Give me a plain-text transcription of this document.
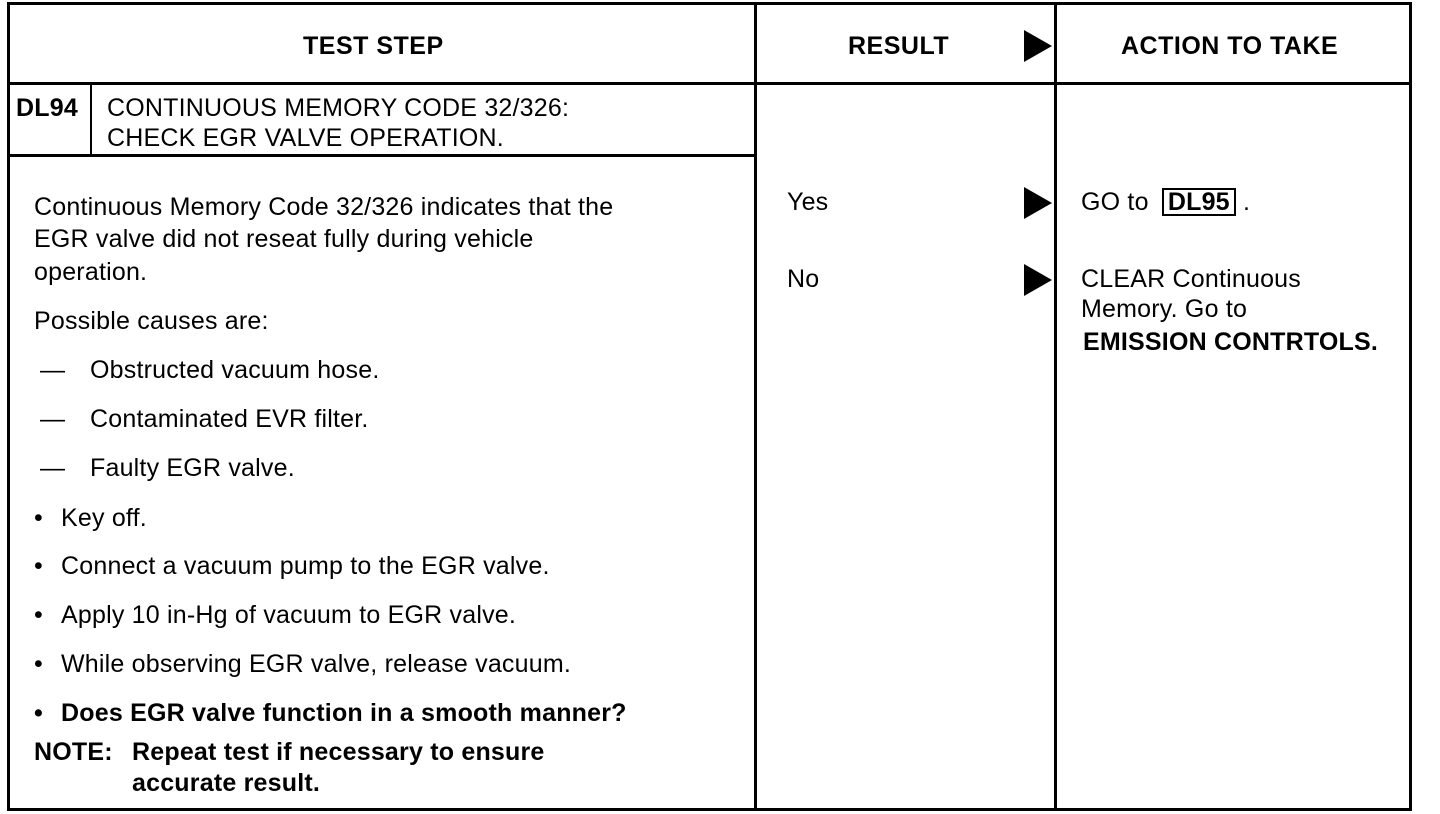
TEST STEP	RESULT	ACTION TO TAKE
DL94 CONTINUOUS MEMORY CODE 32/326:
CHECK EGR VALVE OPERATION.
Continuous Memory Code 32/326 indicates that the
EGR valve did not reseat fully during vehicle
operation.
Possible causes are:
— Obstructed vacuum hose.
— Contaminated EVR filter.
— Faulty EGR valve.
• Key off.
• Connect a vacuum pump to the EGR valve.
• Apply 10 in-Hg of vacuum to EGR valve.
• While observing EGR valve, release vacuum.
• Does EGR valve function in a smooth manner?
NOTE: Repeat test if necessary to ensure
accurate result.
Yes
No
GO to DL95 .
CLEAR Continuous
Memory. Go to
EMISSION CONTRTOLS.
